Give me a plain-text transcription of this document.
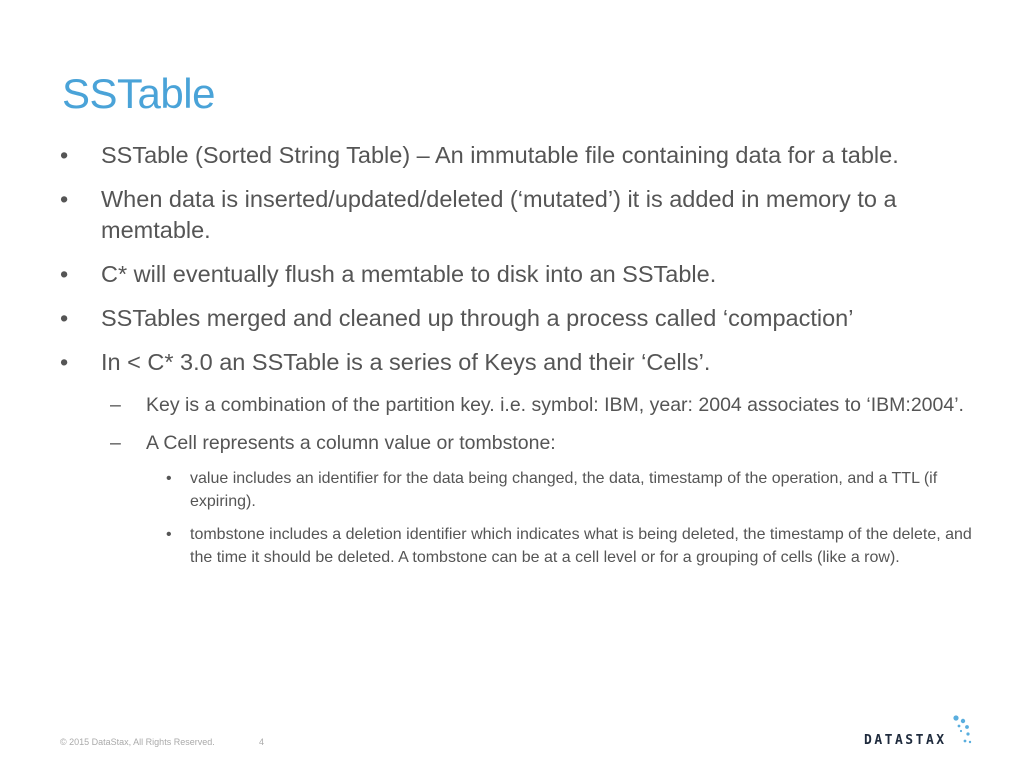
SSTable
• SSTable (Sorted String Table) – An immutable file containing data for a table.
• When data is inserted/updated/deleted (‘mutated’) it is added in memory to a memtable.
• C* will eventually flush a memtable to disk into an SSTable.
• SSTables merged and cleaned up through a process called ‘compaction’
• In < C* 3.0 an SSTable is a series of Keys and their ‘Cells’.
– Key is a combination of the partition key. i.e. symbol: IBM, year: 2004 associates to ‘IBM:2004’.
– A Cell represents a column value or tombstone:
• value includes an identifier for the data being changed, the data, timestamp of the operation, and a TTL (if expiring).
• tombstone includes a deletion identifier which indicates what is being deleted, the timestamp of the delete, and the time it should be deleted. A tombstone can be at a cell level or for a grouping of cells (like a row).
© 2015 DataStax, All Rights Reserved.	4	DATASTAX
